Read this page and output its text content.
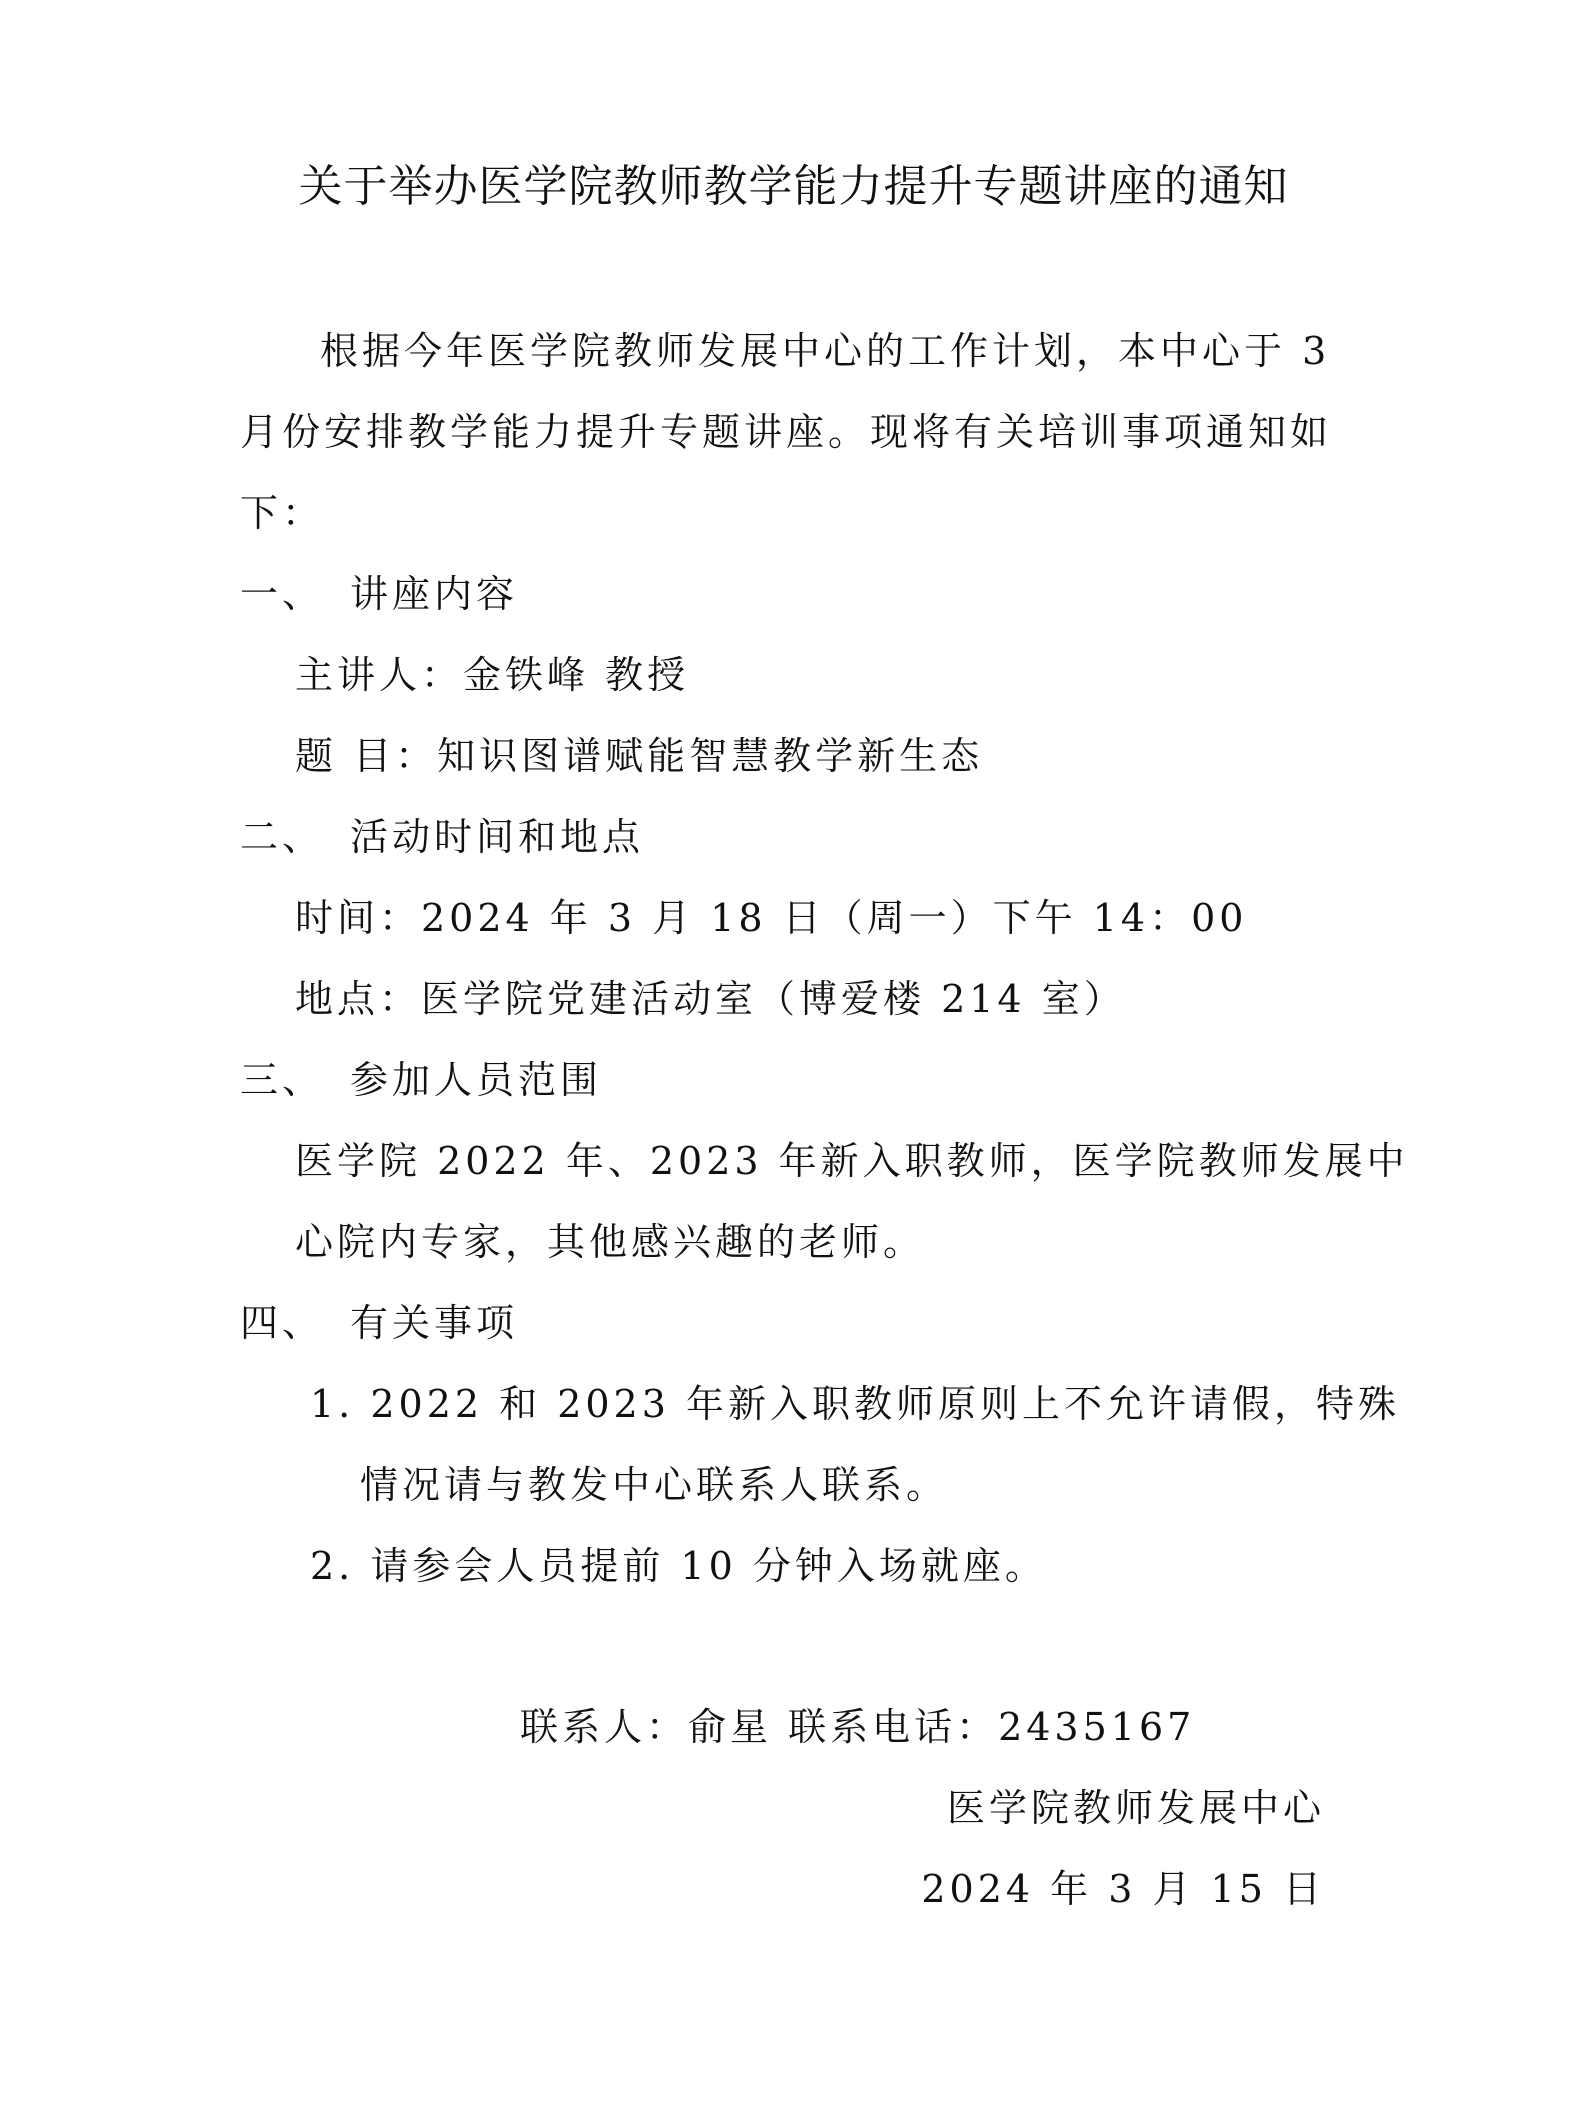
关于举办医学院教师教学能力提升专题讲座的通知
根据今年医学院教师发展中心的工作计划，本中心于 3
月份安排教学能力提升专题讲座。现将有关培训事项通知如
下：
一、 讲座内容
主讲人：金铁峰 教授
题 目：知识图谱赋能智慧教学新生态
二、 活动时间和地点
时间：2024 年 3 月 18 日（周一）下午 14：00
地点：医学院党建活动室（博爱楼 214 室）
三、 参加人员范围
医学院 2022 年、2023 年新入职教师，医学院教师发展中
心院内专家，其他感兴趣的老师。
四、 有关事项
1. 2022 和 2023 年新入职教师原则上不允许请假，特殊
情况请与教发中心联系人联系。
2. 请参会人员提前 10 分钟入场就座。
联系人：俞星 联系电话：2435167
医学院教师发展中心
2024 年 3 月 15 日
